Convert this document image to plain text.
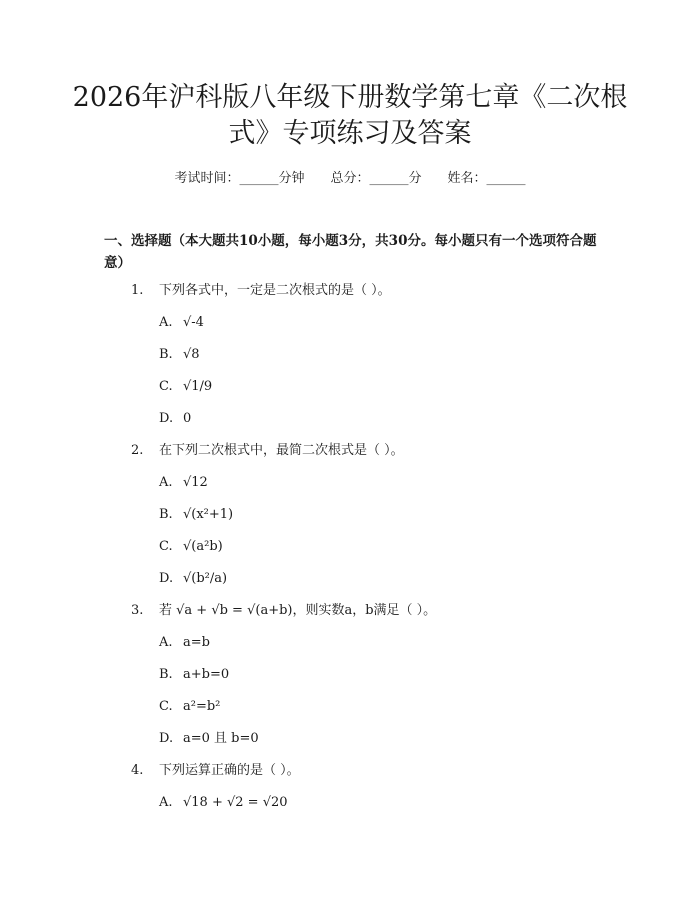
2026年沪科版八年级下册数学第七章《二次根式》专项练习及答案
考试时间：______分钟 总分：______分 姓名：______

一、选择题（本大题共10小题，每小题3分，共30分。每小题只有一个选项符合题意）

1. 下列各式中，一定是二次根式的是（ ）。
A. √-4
B. √8
C. √1/9
D. 0
2. 在下列二次根式中，最简二次根式是（ ）。
A. √12
B. √(x²+1)
C. √(a²b)
D. √(b²/a)
3. 若 √a + √b = √(a+b)，则实数a，b满足（ ）。
A. a=b
B. a+b=0
C. a²=b²
D. a=0 且 b=0
4. 下列运算正确的是（ ）。
A. √18 + √2 = √20
